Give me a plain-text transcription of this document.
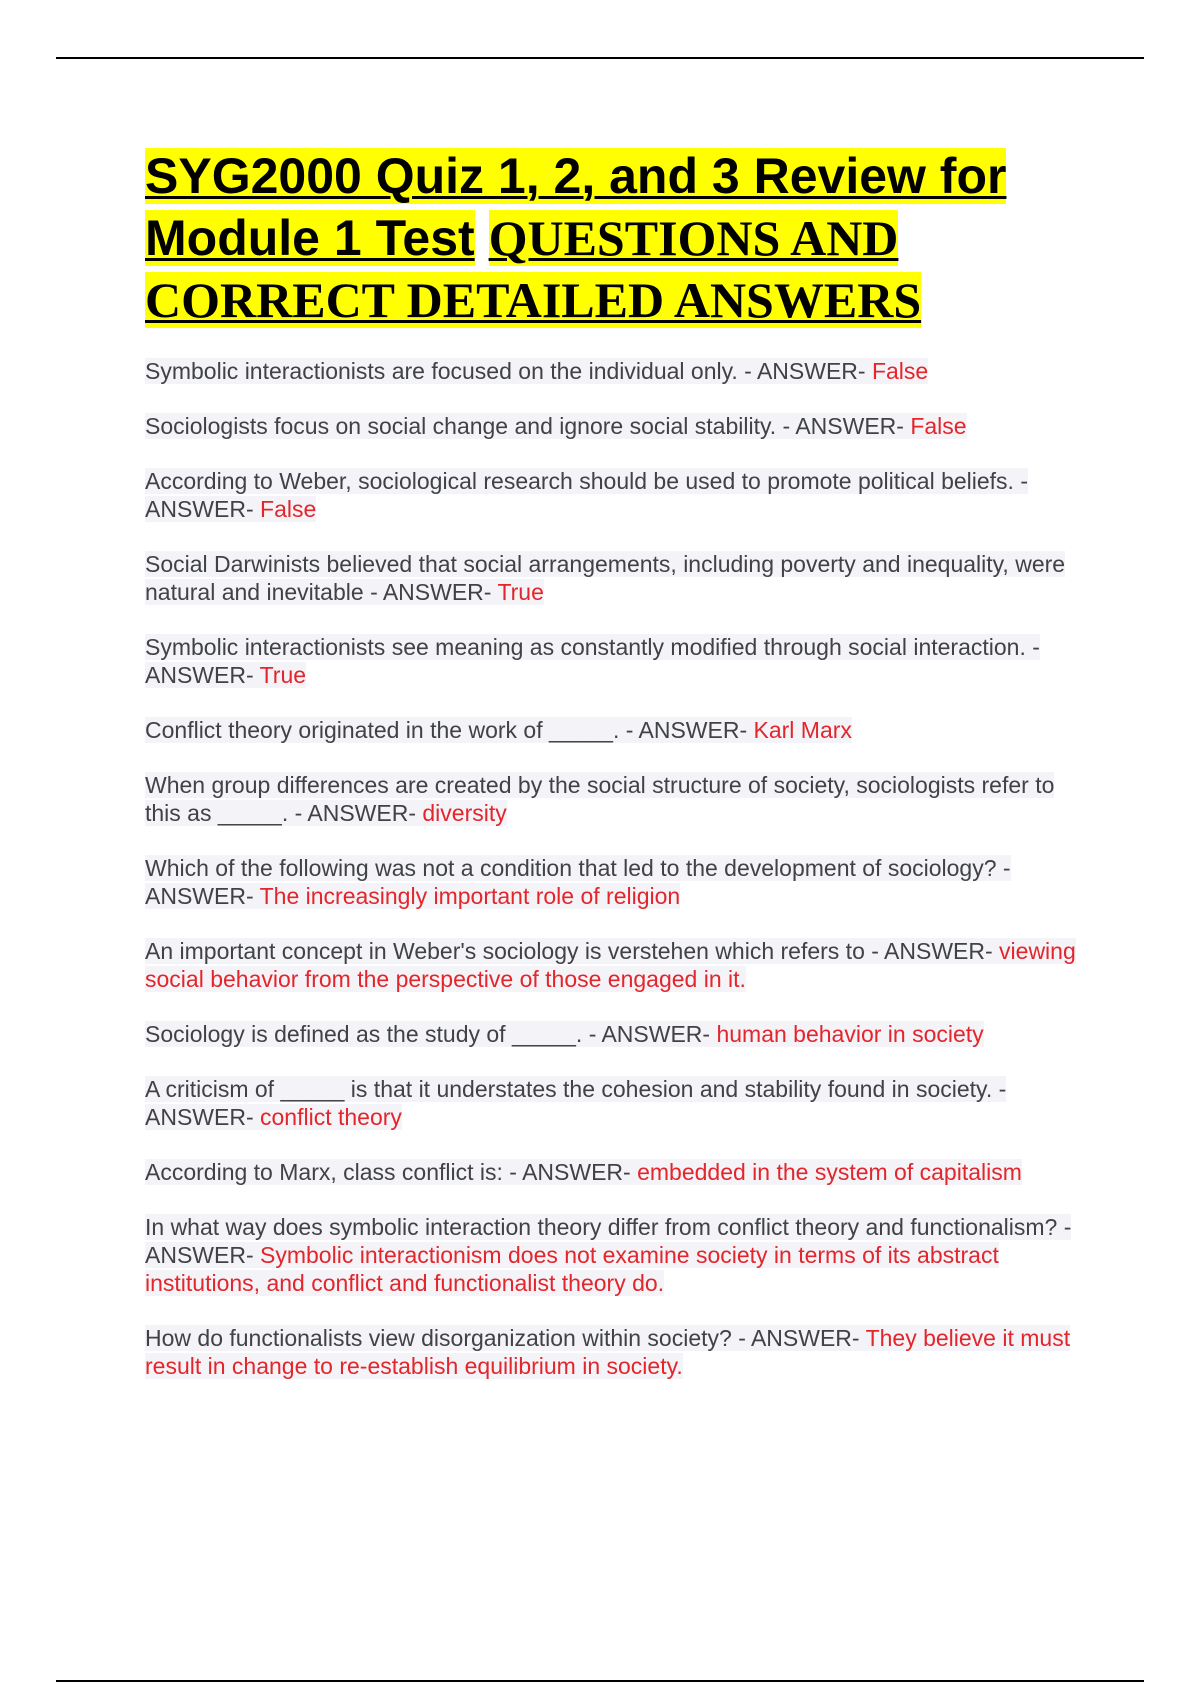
SYG2000 Quiz 1, 2, and 3 Review for Module 1 Test QUESTIONS AND CORRECT DETAILED ANSWERS
Symbolic interactionists are focused on the individual only. - ANSWER- False
Sociologists focus on social change and ignore social stability. - ANSWER- False
According to Weber, sociological research should be used to promote political beliefs. - ANSWER- False
Social Darwinists believed that social arrangements, including poverty and inequality, were natural and inevitable - ANSWER- True
Symbolic interactionists see meaning as constantly modified through social interaction. - ANSWER- True
Conflict theory originated in the work of _____. - ANSWER- Karl Marx
When group differences are created by the social structure of society, sociologists refer to this as _____. - ANSWER- diversity
Which of the following was not a condition that led to the development of sociology? - ANSWER- The increasingly important role of religion
An important concept in Weber's sociology is verstehen which refers to - ANSWER- viewing social behavior from the perspective of those engaged in it.
Sociology is defined as the study of _____. - ANSWER- human behavior in society
A criticism of _____ is that it understates the cohesion and stability found in society. - ANSWER- conflict theory
According to Marx, class conflict is: - ANSWER- embedded in the system of capitalism
In what way does symbolic interaction theory differ from conflict theory and functionalism? - ANSWER- Symbolic interactionism does not examine society in terms of its abstract institutions, and conflict and functionalist theory do.
How do functionalists view disorganization within society? - ANSWER- They believe it must result in change to re-establish equilibrium in society.
